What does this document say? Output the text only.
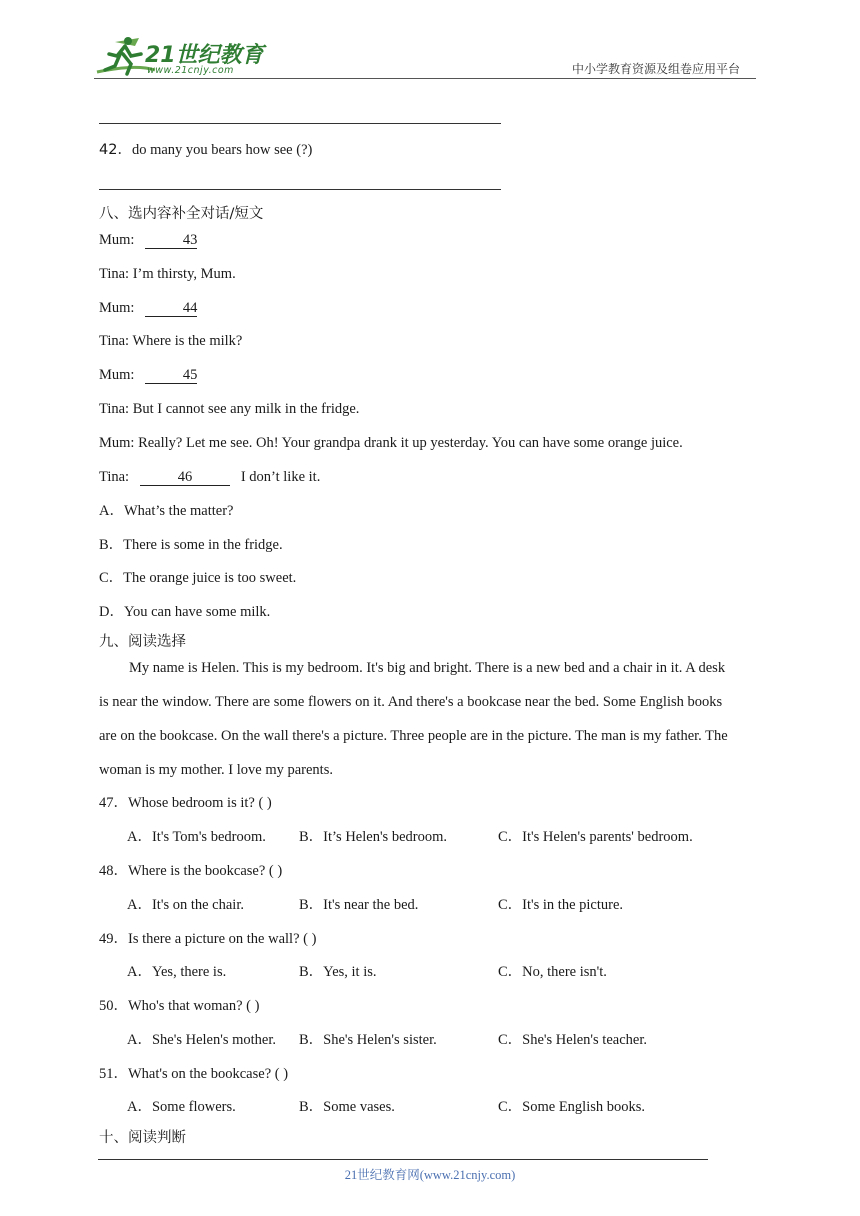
21世纪教育
www.21cnjy.com	中小学教育资源及组卷应用平台
42．do many you bears how see (?)
八、选内容补全对话/短文
Mum:	43
Tina: I’m thirsty, Mum.
Mum:	44
Tina: Where is the milk?
Mum:	45
Tina: But I cannot see any milk in the fridge.
Mum: Really? Let me see. Oh! Your grandpa drank it up yesterday. You can have some orange juice.
Tina:	46	I don’t like it.
A．What’s the matter?
B．There is some in the fridge.
C．The orange juice is too sweet.
D．You can have some milk.
九、阅读选择
My name is Helen. This is my bedroom. It's big and bright. There is a new bed and a chair in it. A desk
is near the window. There are some flowers on it. And there's a bookcase near the bed. Some English books
are on the bookcase. On the wall there's a picture. Three people are in the picture. The man is my father. The
woman is my mother. I love my parents.
47．Whose bedroom is it? ( )
A．It's Tom's bedroom. B．It’s Helen's bedroom.	C．It's Helen's parents' bedroom.
48．Where is the bookcase? ( )
A．It's on the chair.	B．It's near the bed.	C．It's in the picture.
49．Is there a picture on the wall? ( )
A．Yes, there is.	B．Yes, it is.	C．No, there isn't.
50．Who's that woman? ( )
A．She's Helen's mother. B．She's Helen's sister.	C．She's Helen's teacher.
51．What's on the bookcase? ( )
A．Some flowers.	B．Some vases.	C．Some English books.
十、阅读判断
21世纪教育网(www.21cnjy.com)
